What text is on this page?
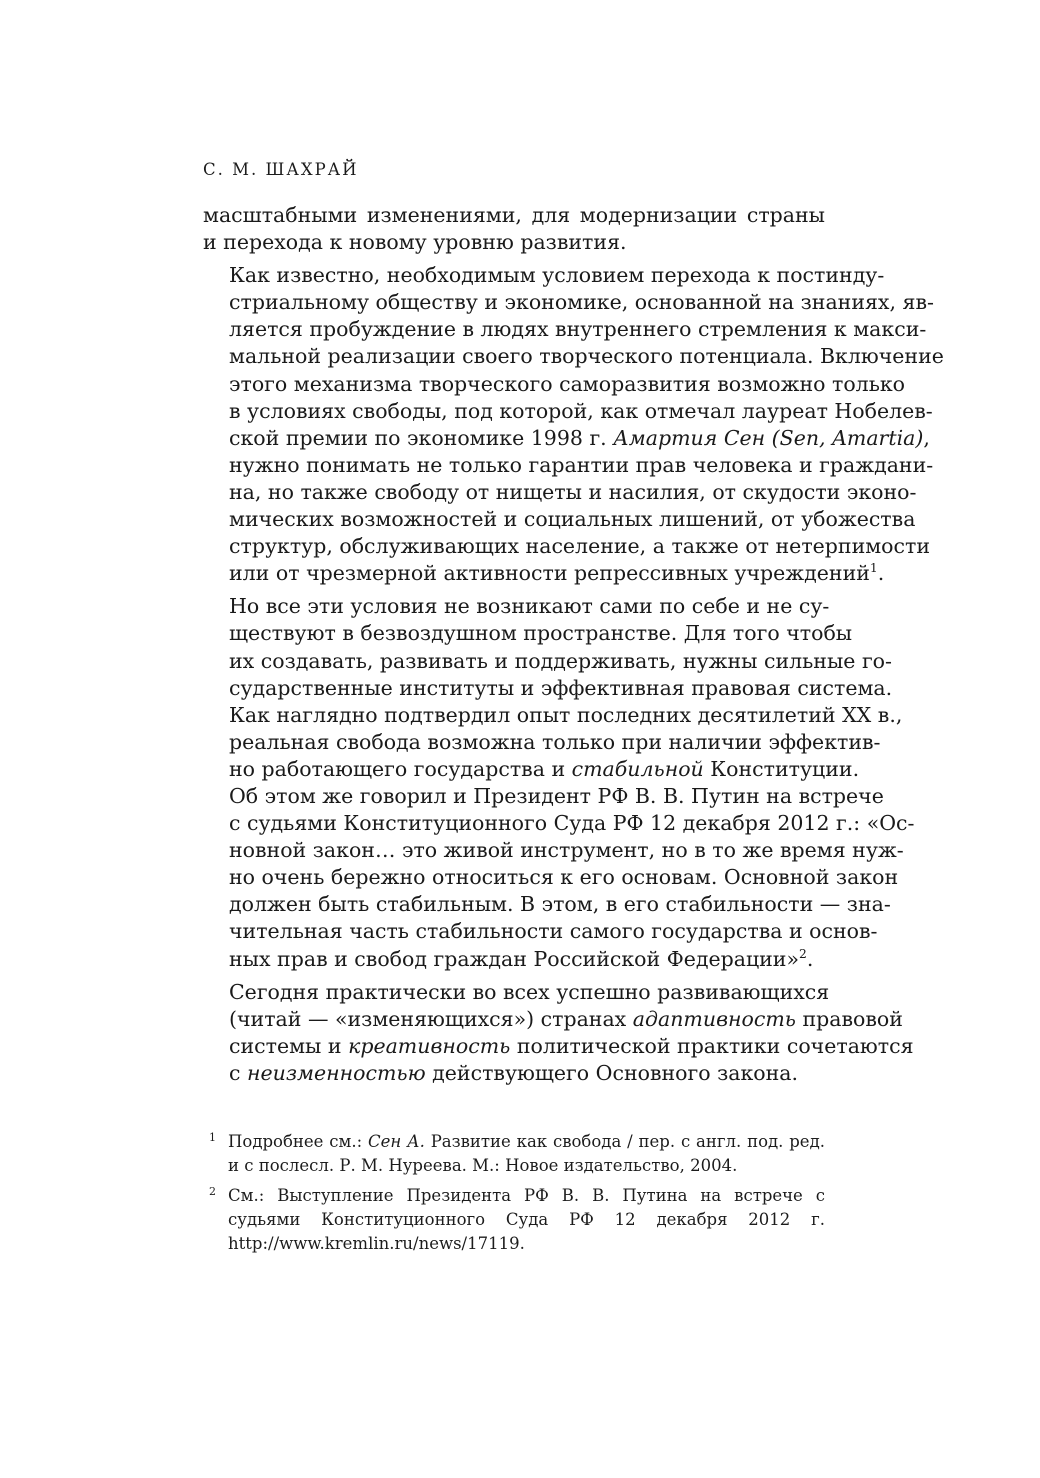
С. М. ШАХРАЙ
масштабными изменениями, для модернизации страны
и перехода к новому уровню развития.
Как известно, необходимым условием перехода к постинду-
стриальному обществу и экономике, основанной на знаниях, яв-
ляется пробуждение в людях внутреннего стремления к макси-
мальной реализации своего творческого потенциала. Включение
этого механизма творческого саморазвития возможно только
в условиях свободы, под которой, как отмечал лауреат Нобелев-
ской премии по экономике 1998 г. Амартия Сен (Sen, Amartia),
нужно понимать не только гарантии прав человека и граждани-
на, но также свободу от нищеты и насилия, от скудости эконо-
мических возможностей и социальных лишений, от убожества
структур, обслуживающих население, а также от нетерпимости
или от чрезмерной активности репрессивных учреждений$^1$.
Но все эти условия не возникают сами по себе и не су-
ществуют в безвоздушном пространстве. Для того чтобы
их создавать, развивать и поддерживать, нужны сильные го-
сударственные институты и эффективная правовая система.
Как наглядно подтвердил опыт последних десятилетий XX в.,
реальная свобода возможна только при наличии эффектив-
но работающего государства и стабильной Конституции.
Об этом же говорил и Президент РФ В. В. Путин на встрече
с судьями Конституционного Суда РФ 12 декабря 2012 г.: «Ос-
новной закон… это живой инструмент, но в то же время нуж-
но очень бережно относиться к его основам. Основной закон
должен быть стабильным. В этом, в его стабильности — зна-
чительная часть стабильности самого государства и основ-
ных прав и свобод граждан Российской Федерации»$^2$.
Сегодня практически во всех успешно развивающихся
(читай — «изменяющихся») странах адаптивность правовой
системы и креативность политической практики сочетаются
с неизменностью действующего Основного закона.
1 Подробнее см.: Сен А. Развитие как свобода / пер. с англ. под. ред. и с послесл. Р. М. Нуреева. М.: Новое издательство, 2004.
2 См.: Выступление Президента РФ В. В. Путина на встрече с судьями Конституционного Суда РФ 12 декабря 2012 г. http://www.kremlin.ru/news/17119.
